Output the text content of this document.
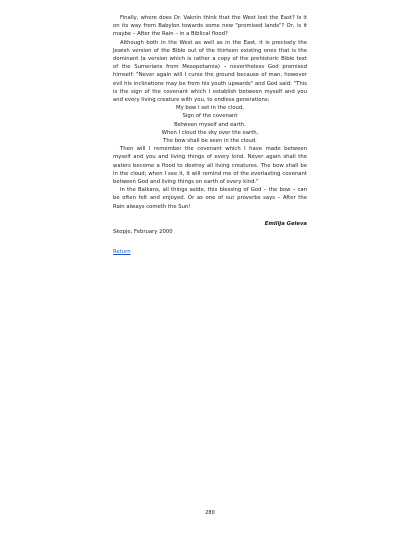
Finally, where does Dr. Vaknin think that the West lost the East? Is it on its way from Babylon towards some new "promised lands"? Or, is it maybe – After the Rain – in a Biblical flood?

Although both in the West as well as in the East, it is precisely the Jewish version of the Bible out of the thirteen existing ones that is the dominant (a version which is rather a copy of the prehistoric Bible text of the Sumerians from Mesopotamia) – nevertheless God promised himself: "Never again will I curse the ground because of man, however evil his inclinations may be from his youth upwards" and God said: "This is the sign of the covenant which I establish between myself and you and every living creature with you, to endless generations:

My bow I set in the cloud,
Sign of the covenant
Between myself and earth.
When I cloud the sky over the earth,
The bow shall be seen in the cloud.

Then will I remember the covenant which I have made between myself and you and living things of every kind. Never again shall the waters become a flood to destroy all living creatures. The bow shall be in the cloud; when I see it, it will remind me of the everlasting covenant between God and living things on earth of every kind."

In the Balkans, all things aside, this blessing of God – the bow – can be often felt and enjoyed. Or as one of our proverbs says – After the Rain always cometh the Sun!

Emilija Geleva

Skopje, February 2000

Return
280
